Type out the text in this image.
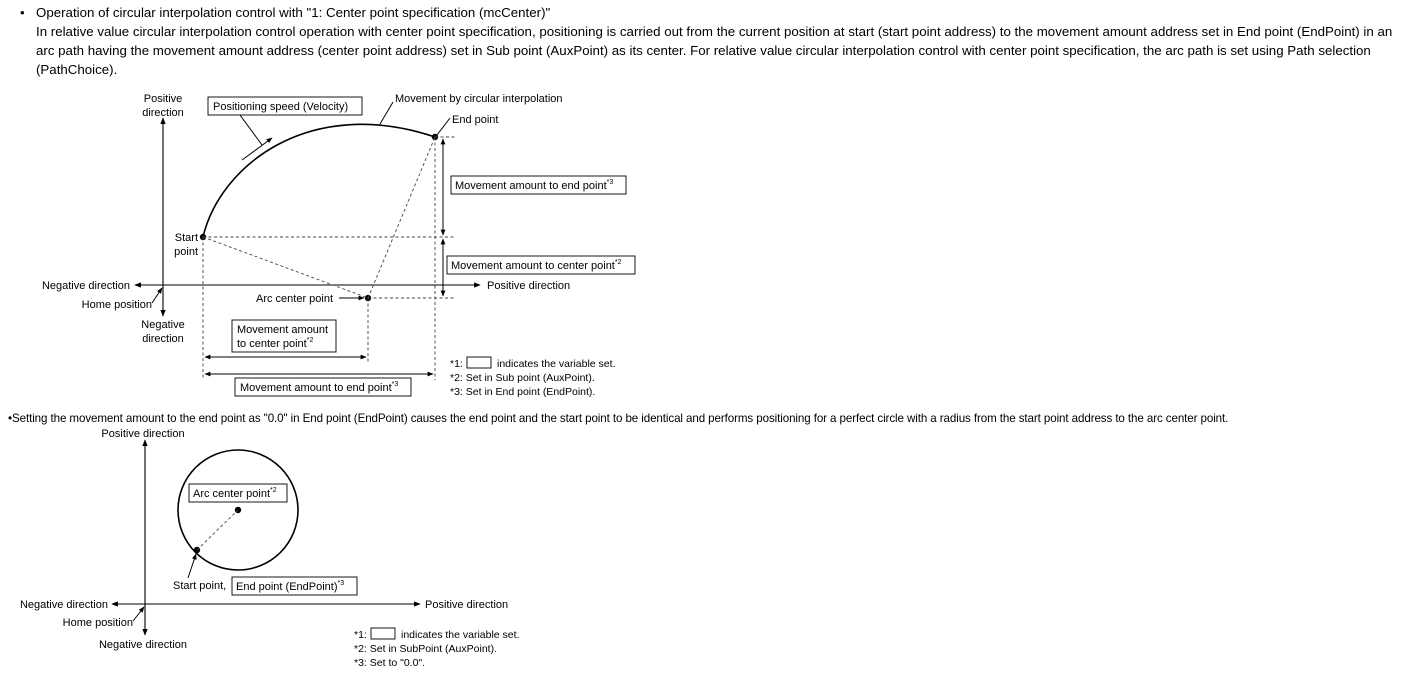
• Operation of circular interpolation control with "1: Center point specification (mcCenter)"
In relative value circular interpolation control operation with center point specification, positioning is carried out from the current position at start (start point address) to the movement amount address set in End point (EndPoint) in an arc path having the movement amount address (center point address) set in Sub point (AuxPoint) as its center. For relative value circular interpolation control with center point specification, the arc path is set using Path selection (PathChoice).
•Setting the movement amount to the end point as "0.0" in End point (EndPoint) causes the end point and the start point to be identical and performs positioning for a perfect circle with a radius from the start point address to the arc center point.
Positive
direction
Negative
direction
Negative direction	Positive direction
Home position
Positioning speed (Velocity)
Movement by circular interpolation
End point
Start
point
Arc center point
Movement amount to end point$^{*3}$
Movement amount to center point$^{*2}$
Movement amount
to center point$^{*2}$
Movement amount to end point$^{*3}$
*1:	indicates the variable set.
*2: Set in Sub point (AuxPoint).
*3: Set in End point (EndPoint).
Positive direction
Negative direction	Positive direction
Home position
Negative direction
Arc center point$^{*2}$
Start point, End point (EndPoint)$^{*3}$
*1:	indicates the variable set.
*2: Set in SubPoint (AuxPoint).
*3: Set to "0.0".
